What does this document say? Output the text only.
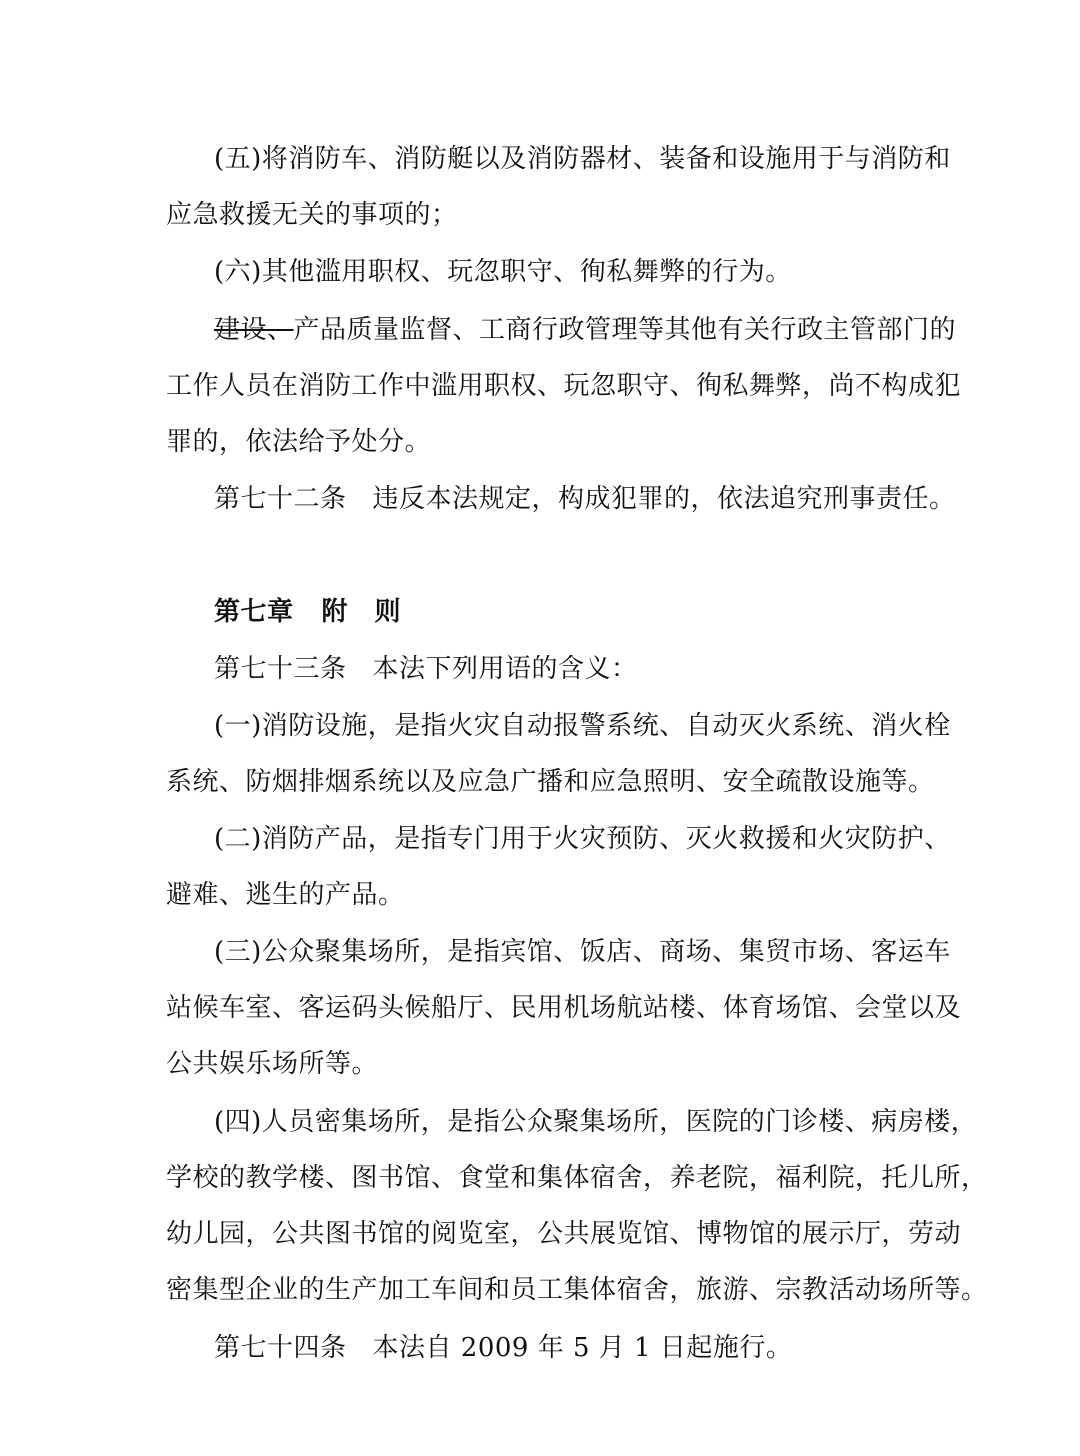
(五)将消防车、消防艇以及消防器材、装备和设施用于与消防和
应急救援无关的事项的；
(六)其他滥用职权、玩忽职守、徇私舞弊的行为。
建设、产品质量监督、工商行政管理等其他有关行政主管部门的
工作人员在消防工作中滥用职权、玩忽职守、徇私舞弊，尚不构成犯
罪的，依法给予处分。
第七十二条 违反本法规定，构成犯罪的，依法追究刑事责任。
第七章 附　则
第七十三条 本法下列用语的含义：
(一)消防设施，是指火灾自动报警系统、自动灭火系统、消火栓
系统、防烟排烟系统以及应急广播和应急照明、安全疏散设施等。
(二)消防产品，是指专门用于火灾预防、灭火救援和火灾防护、
避难、逃生的产品。
(三)公众聚集场所，是指宾馆、饭店、商场、集贸市场、客运车
站候车室、客运码头候船厅、民用机场航站楼、体育场馆、会堂以及
公共娱乐场所等。
(四)人员密集场所，是指公众聚集场所，医院的门诊楼、病房楼，
学校的教学楼、图书馆、食堂和集体宿舍，养老院，福利院，托儿所，
幼儿园，公共图书馆的阅览室，公共展览馆、博物馆的展示厅，劳动
密集型企业的生产加工车间和员工集体宿舍，旅游、宗教活动场所等。
第七十四条 本法自 2009 年 5 月 1 日起施行。
